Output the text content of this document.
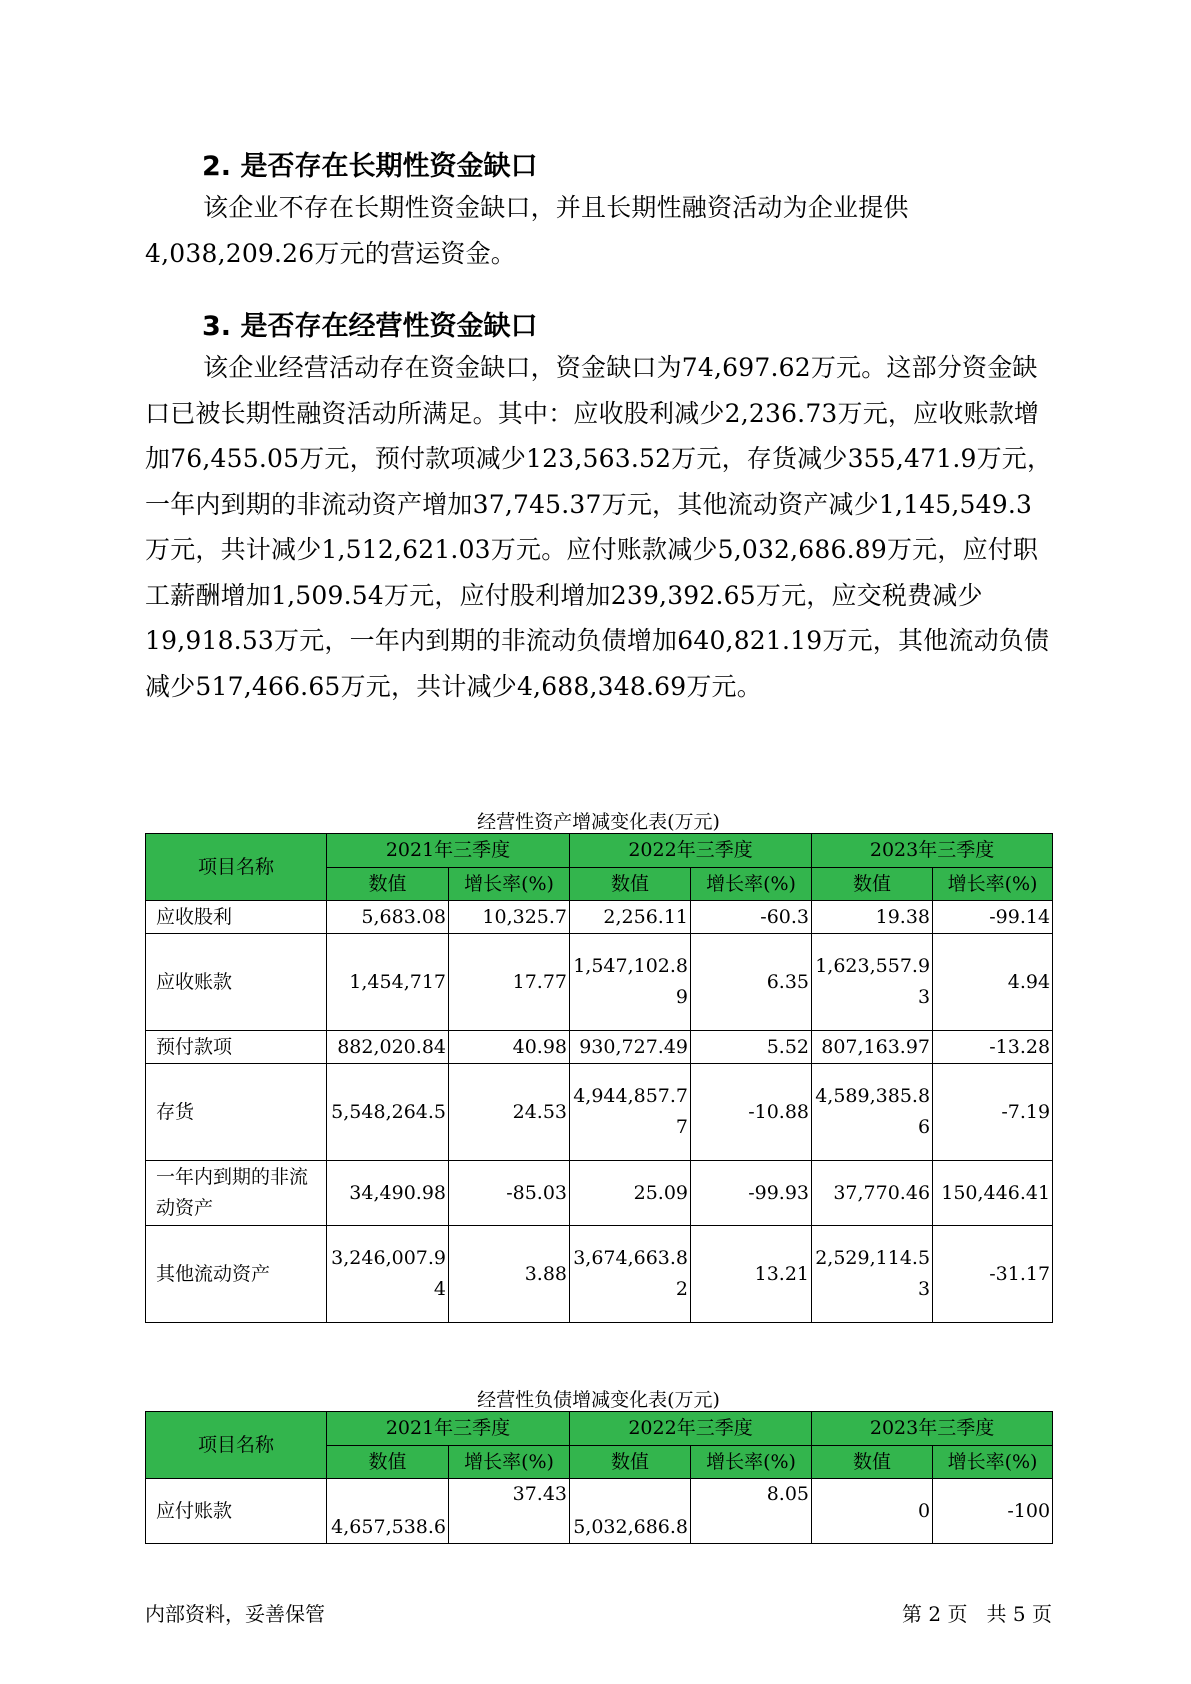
2. 是否存在长期性资金缺口
该企业不存在长期性资金缺口，并且长期性融资活动为企业提供4,038,209.26万元的营运资金。
3. 是否存在经营性资金缺口
该企业经营活动存在资金缺口，资金缺口为74,697.62万元。这部分资金缺口已被长期性融资活动所满足。其中：应收股利减少2,236.73万元，应收账款增加76,455.05万元，预付款项减少123,563.52万元，存货减少355,471.9万元，一年内到期的非流动资产增加37,745.37万元，其他流动资产减少1,145,549.3万元，共计减少1,512,621.03万元。应付账款减少5,032,686.89万元，应付职工薪酬增加1,509.54万元，应付股利增加239,392.65万元，应交税费减少19,918.53万元，一年内到期的非流动负债增加640,821.19万元，其他流动负债减少517,466.65万元，共计减少4,688,348.69万元。
经营性资产增减变化表(万元)
项目名称	2021年三季度		2022年三季度		2023年三季度	
	数值	增长率(%)	数值	增长率(%)	数值	增长率(%)
应收股利	5,683.08	10,325.7	2,256.11	-60.3	19.38	-99.14
应收账款	1,454,717	17.77	1,547,102.89	6.35	1,623,557.93	4.94
预付款项	882,020.84	40.98	930,727.49	5.52	807,163.97	-13.28
存货	5,548,264.5	24.53	4,944,857.77	-10.88	4,589,385.86	-7.19
一年内到期的非流动资产	34,490.98	-85.03	25.09	-99.93	37,770.46	150,446.41
其他流动资产	3,246,007.94	3.88	3,674,663.82	13.21	2,529,114.53	-31.17
经营性负债增减变化表(万元)
项目名称	2021年三季度		2022年三季度		2023年三季度	
	数值	增长率(%)	数值	增长率(%)	数值	增长率(%)
应付账款	4,657,538.6	37.43	5,032,686.8	8.05	0	-100
内部资料，妥善保管	第 2 页   共 5 页
